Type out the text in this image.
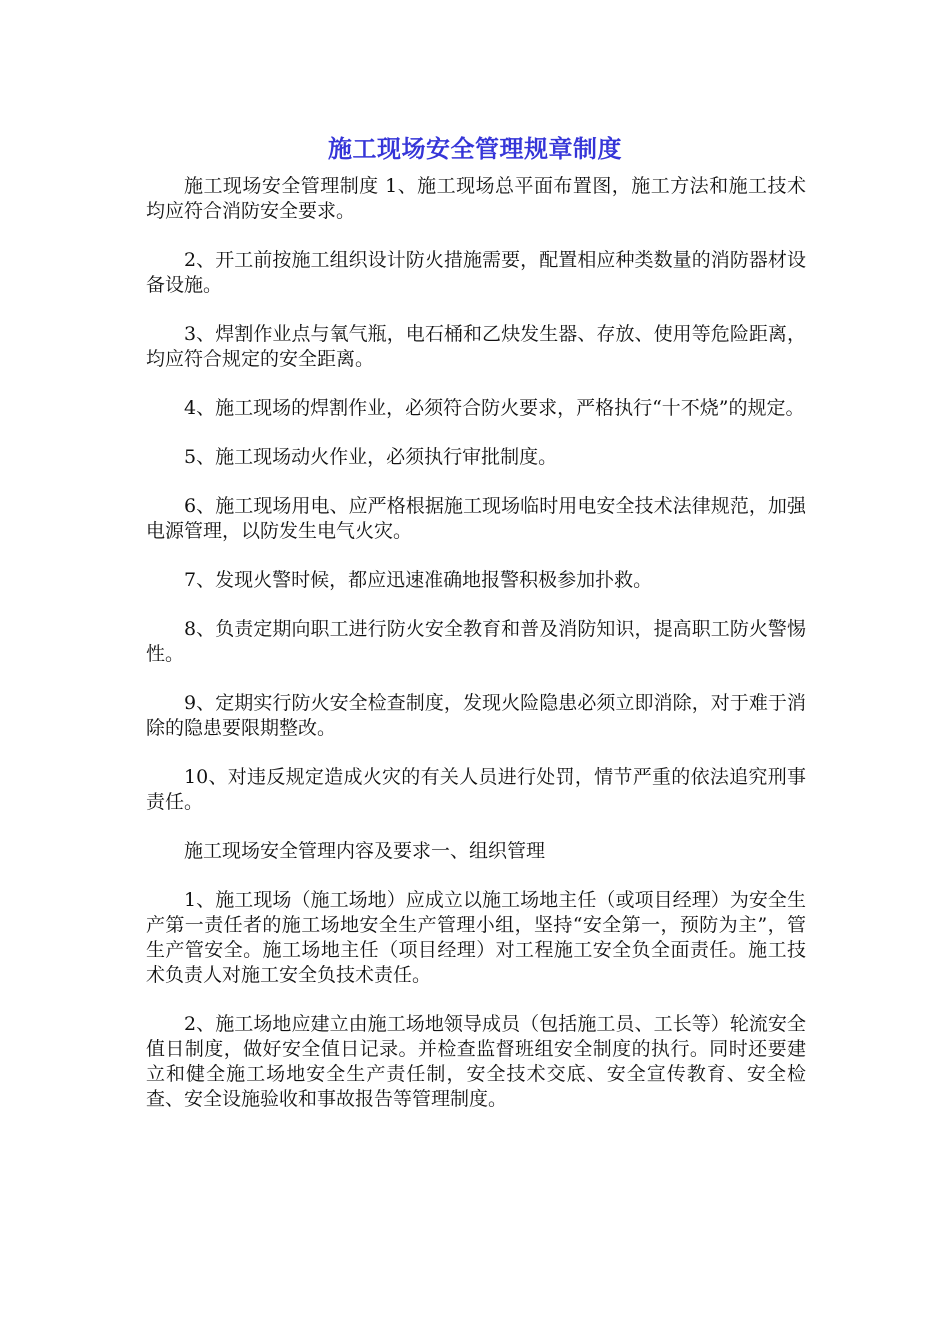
施工现场安全管理规章制度

施工现场安全管理制度 1、施工现场总平面布置图，施工方法和施工技术均应符合消防安全要求。

2、开工前按施工组织设计防火措施需要，配置相应种类数量的消防器材设备设施。

3、焊割作业点与氧气瓶，电石桶和乙炔发生器、存放、使用等危险距离，均应符合规定的安全距离。

4、施工现场的焊割作业，必须符合防火要求，严格执行“十不烧”的规定。

5、施工现场动火作业，必须执行审批制度。

6、施工现场用电、应严格根据施工现场临时用电安全技术法律规范，加强电源管理，以防发生电气火灾。

7、发现火警时候，都应迅速准确地报警积极参加扑救。

8、负责定期向职工进行防火安全教育和普及消防知识，提高职工防火警惕性。

9、定期实行防火安全检查制度，发现火险隐患必须立即消除，对于难于消除的隐患要限期整改。

10、对违反规定造成火灾的有关人员进行处罚，情节严重的依法追究刑事责任。

施工现场安全管理内容及要求一、组织管理

1、施工现场（施工场地）应成立以施工场地主任（或项目经理）为安全生产第一责任者的施工场地安全生产管理小组，坚持“安全第一，预防为主”，管生产管安全。施工场地主任（项目经理）对工程施工安全负全面责任。施工技术负责人对施工安全负技术责任。

2、施工场地应建立由施工场地领导成员（包括施工员、工长等）轮流安全值日制度，做好安全值日记录。并检查监督班组安全制度的执行。同时还要建立和健全施工场地安全生产责任制，安全技术交底、安全宣传教育、安全检查、安全设施验收和事故报告等管理制度。
